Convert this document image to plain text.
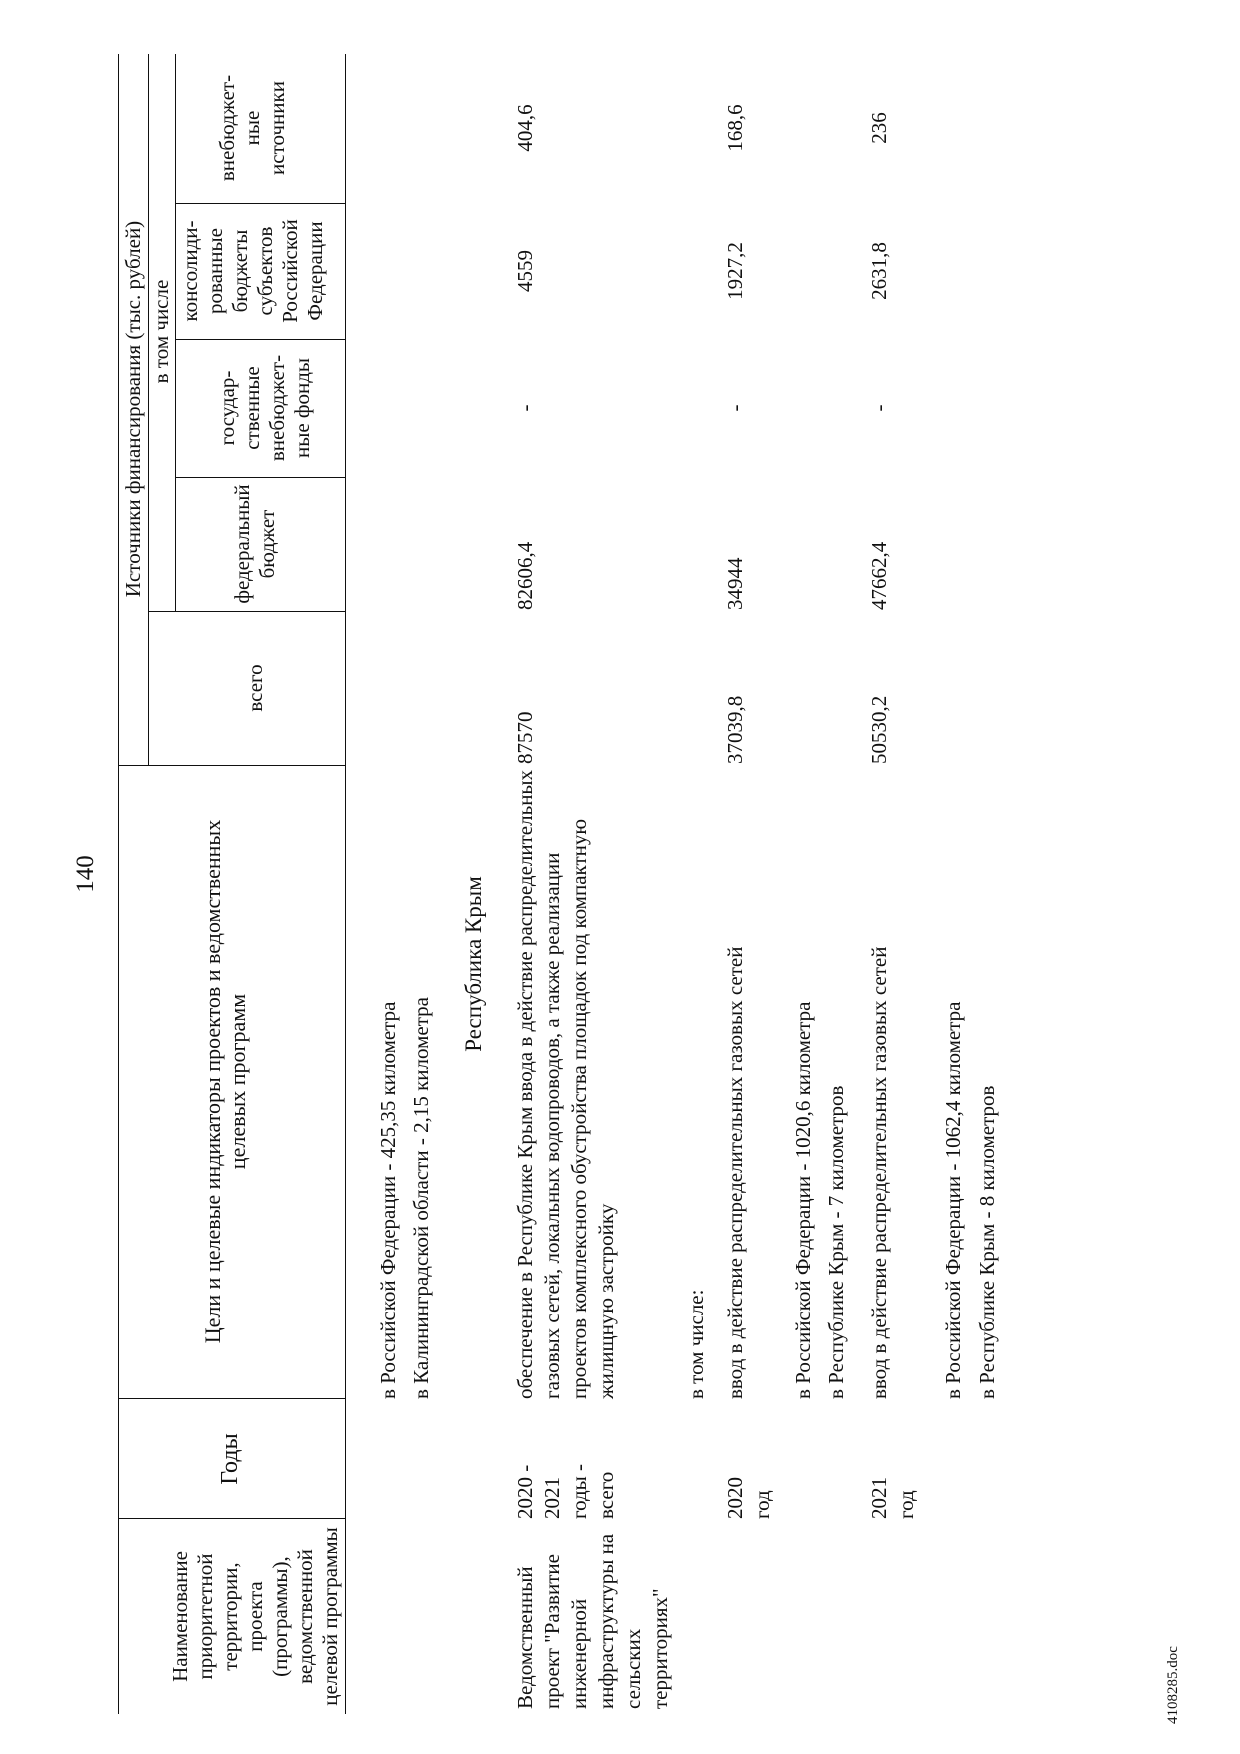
140
Наименование приоритетной территории, проекта (программы), ведомственной целевой программы
Годы
Цели и целевые индикаторы проектов и ведомственных целевых программ
Источники финансирования (тыс. рублей)
всего
в том числе
федеральный бюджет
государ-
ственные
внебюджет-
ные фонды
консолиди-
рованные
бюджеты
субъектов
Российской
Федерации
внебюджет-
ные
источники
в Российской Федерации - 425,35 километра в Калининградской области - 2,15 километра
Республика Крым
Ведомственный проект "Развитие инженерной инфраструктуры на сельских территориях"
2020 -
2021
годы -
всего
обеспечение в Республике Крым ввода в действие распределительных газовых сетей, локальных водопроводов, а также реализации проектов комплексного обустройства площадок под компактную жилищную застройку
87570
82606,4
-
4559
404,6
в том числе:
2020
год
ввод в действие распределительных газовых сетей
37039,8
34944
-
1927,2
168,6
в Российской Федерации - 1020,6 километра в Республике Крым - 7 километров
2021
год
ввод в действие распределительных газовых сетей
50530,2
47662,4
-
2631,8
236
в Российской Федерации - 1062,4 километра в Республике Крым - 8 километров
4108285.doc
